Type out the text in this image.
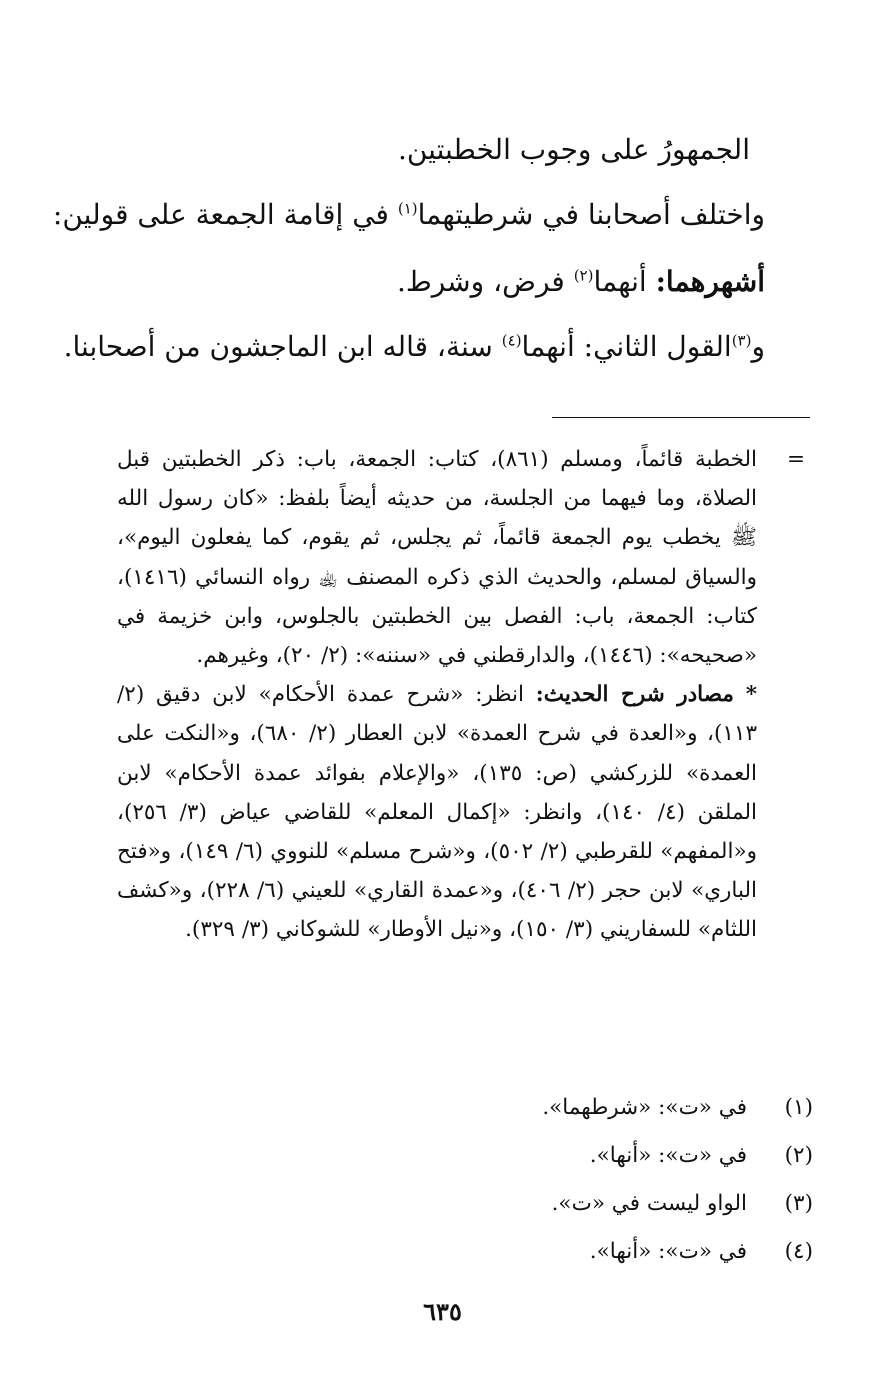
الجمهورُ على وجوب الخطبتين.
واختلف أصحابنا في شرطيتهما$^{(١)}$ في إقامة الجمعة على قولين:
أشهرهما: أنهما$^{(٢)}$ فرض، وشرط.
و$^{(٣)}$القول الثاني: أنهما$^{(٤)}$ سنة، قاله ابن الماجشون من أصحابنا.

=
الخطبة قائماً، ومسلم (٨٦١)، كتاب: الجمعة، باب: ذكر الخطبتين قبل الصلاة، وما فيهما من الجلسة، من حديثه أيضاً بلفظ: «كان رسول الله ﷺ يخطب يوم الجمعة قائماً، ثم يجلس، ثم يقوم، كما يفعلون اليوم»، والسياق لمسلم، والحديث الذي ذكره المصنف ﵀ رواه النسائي (١٤١٦)، كتاب: الجمعة، باب: الفصل بين الخطبتين بالجلوس، وابن خزيمة في «صحيحه»: (١٤٤٦)، والدارقطني في «سننه»: (٢/ ٢٠)، وغيرهم.

* مصادر شرح الحديث: انظر: «شرح عمدة الأحكام» لابن دقيق (٢/ ١١٣)، و«العدة في شرح العمدة» لابن العطار (٢/ ٦٨٠)، و«النكت على العمدة» للزركشي (ص: ١٣٥)، «والإعلام بفوائد عمدة الأحكام» لابن الملقن (٤/ ١٤٠)، وانظر: «إكمال المعلم» للقاضي عياض (٣/ ٢٥٦)، و«المفهم» للقرطبي (٢/ ٥٠٢)، و«شرح مسلم» للنووي (٦/ ١٤٩)، و«فتح الباري» لابن حجر (٢/ ٤٠٦)، و«عمدة القاري» للعيني (٦/ ٢٢٨)، و«كشف اللثام» للسفاريني (٣/ ١٥٠)، و«نيل الأوطار» للشوكاني (٣/ ٣٢٩).

(١)
في «ت»: «شرطهما».
(٢)
في «ت»: «أنها».
(٣)
الواو ليست في «ت».
(٤)
في «ت»: «أنها».
٦٣٥
